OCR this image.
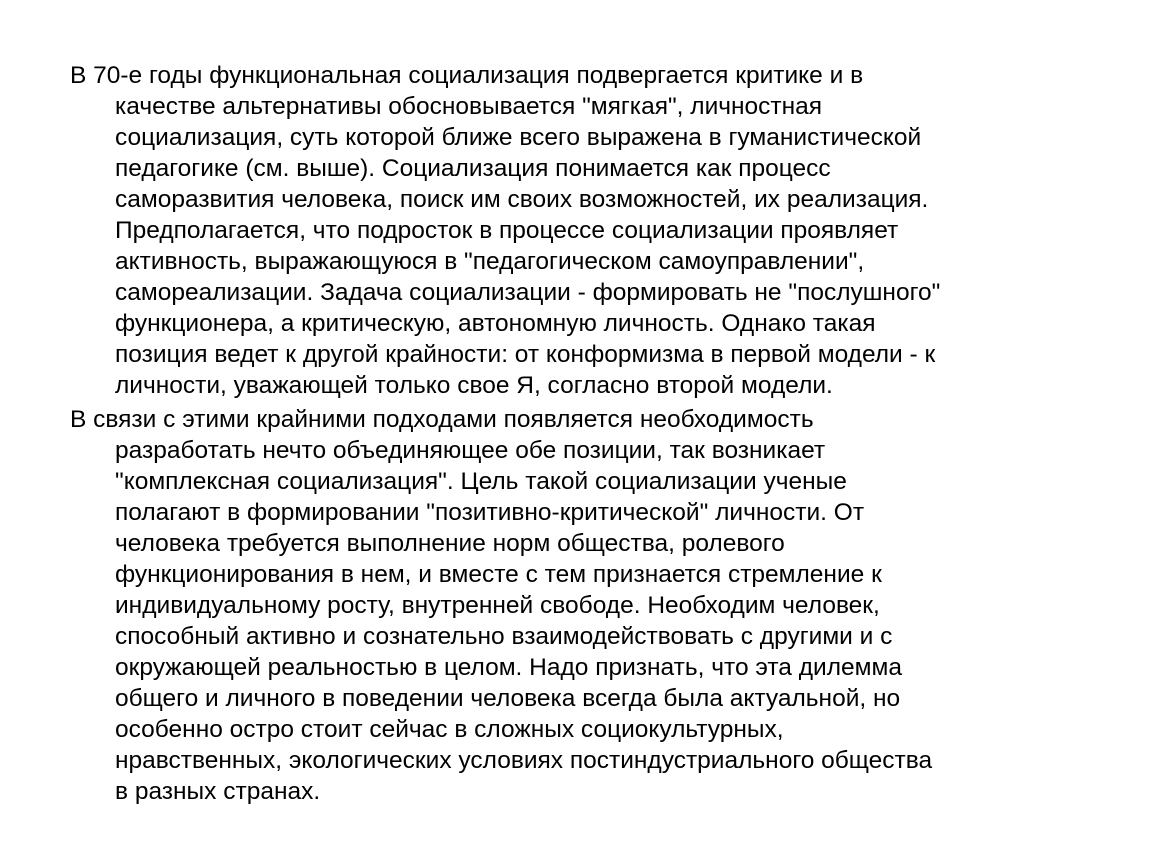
В 70-е годы функциональная социализация подвергается критике и в
качестве альтернативы обосновывается "мягкая", личностная
социализация, суть которой ближе всего выражена в гуманистической
педагогике (см. выше). Социализация понимается как процесс
саморазвития человека, поиск им своих возможностей, их реализация.
Предполагается, что подросток в процессе социализации проявляет
активность, выражающуюся в "педагогическом самоуправлении",
самореализации. Задача социализации - формировать не "послушного"
функционера, а критическую, автономную личность. Однако такая
позиция ведет к другой крайности: от конформизма в первой модели - к
личности, уважающей только свое Я, согласно второй модели.
В связи с этими крайними подходами появляется необходимость
разработать нечто объединяющее обе позиции, так возникает
"комплексная социализация". Цель такой социализации ученые
полагают в формировании "позитивно-критической" личности. От
человека требуется выполнение норм общества, ролевого
функционирования в нем, и вместе с тем признается стремление к
индивидуальному росту, внутренней свободе. Необходим человек,
способный активно и сознательно взаимодействовать с другими и с
окружающей реальностью в целом. Надо признать, что эта дилемма
общего и личного в поведении человека всегда была актуальной, но
особенно остро стоит сейчас в сложных социокультурных,
нравственных, экологических условиях постиндустриального общества
в разных странах.
